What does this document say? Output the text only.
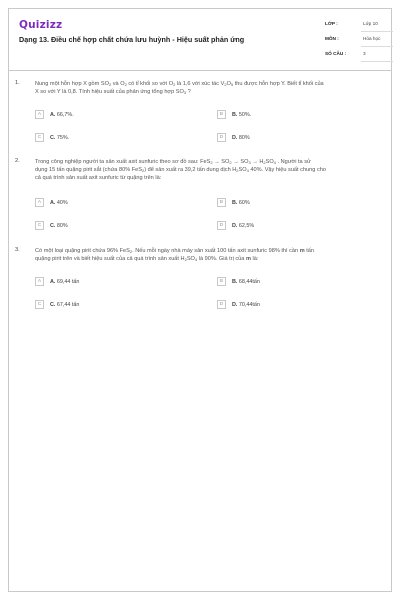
Quizizz
Dạng 13. Điều chế hợp chất chứa lưu huỳnh - Hiệu suất phản ứng
LỚP :	Lớp 10
MÔN :	Hóa học
SỐ CÂU :	3
1.	Nung một hỗn hợp X gồm $SO_2$ và $O_2$ có tỉ khối so với $O_2$ là 1,6 với xúc tác $V_2O_5$ thu được hỗn hợp Y. Biết tỉ khối của
X so với Y là 0,8. Tính hiệu suất của phản ứng tổng hợp $SO_3$ ?
A	A. 66,7%.	B	B. 50%.
C	C. 75%.	D	D. 80%
2.	Trong công nghiệp người ta sản xuất axit sunfuric theo sơ đồ sau: $FeS_2 \to SO_2 \to SO_3 \to H_2SO_4$ . Người ta sử
dụng 15 tấn quặng pirit sắt (chứa 80% FeS$_2$) để sản xuất ra 39,2 tấn dung dịch $H_2SO_4$ 40%. Vậy hiệu suất chung cho
cả quá trình sản xuất axit sunfuric từ quặng trên là:
A	A. 40%	B	B. 60%
C	C. 80%	D	D. 62,5%
3.	Có một loại quặng pirit chứa 96% FeS$_2$. Nếu mỗi ngày nhà máy sản xuất 100 tấn axit sunfuric 98% thì cần m tấn
quặng pirit trên và biết hiệu suất của cả quá trình sản xuất $H_2SO_4$ là 90%. Giá trị của m là:
A	A. 69,44 tấn	B	B. 68,44tấn
C	C. 67,44 tấn	D	D. 70,44tấn
